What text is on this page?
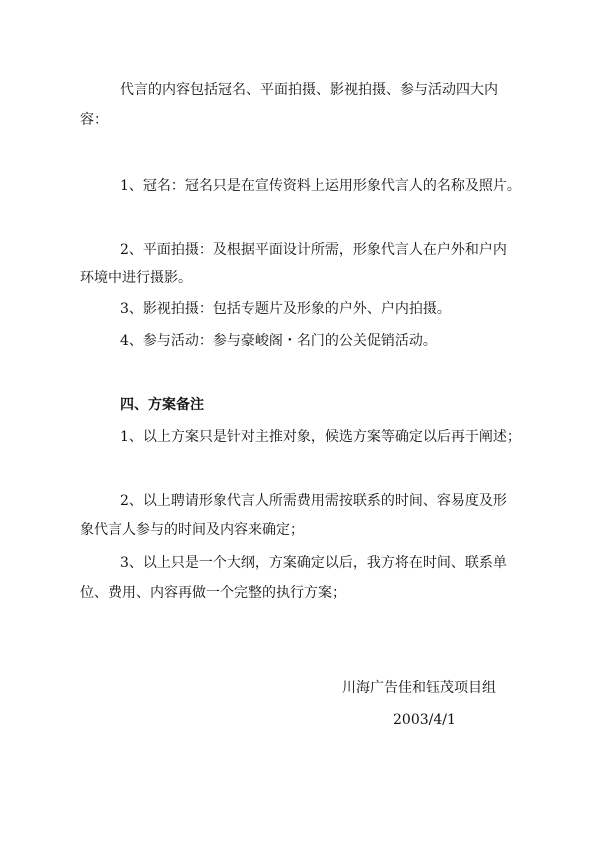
代言的内容包括冠名、平面拍摄、影视拍摄、参与活动四大内
容：
1、冠名：冠名只是在宣传资料上运用形象代言人的名称及照片。
2、平面拍摄：及根据平面设计所需，形象代言人在户外和户内
环境中进行摄影。
3、影视拍摄：包括专题片及形象的户外、户内拍摄。
4、参与活动：参与豪峻阁・名门的公关促销活动。
四、方案备注
1、以上方案只是针对主推对象，候选方案等确定以后再于阐述；
2、以上聘请形象代言人所需费用需按联系的时间、容易度及形
象代言人参与的时间及内容来确定；
3、以上只是一个大纲，方案确定以后，我方将在时间、联系单
位、费用、内容再做一个完整的执行方案；
川海广告佳和钰茂项目组
2003/4/1
